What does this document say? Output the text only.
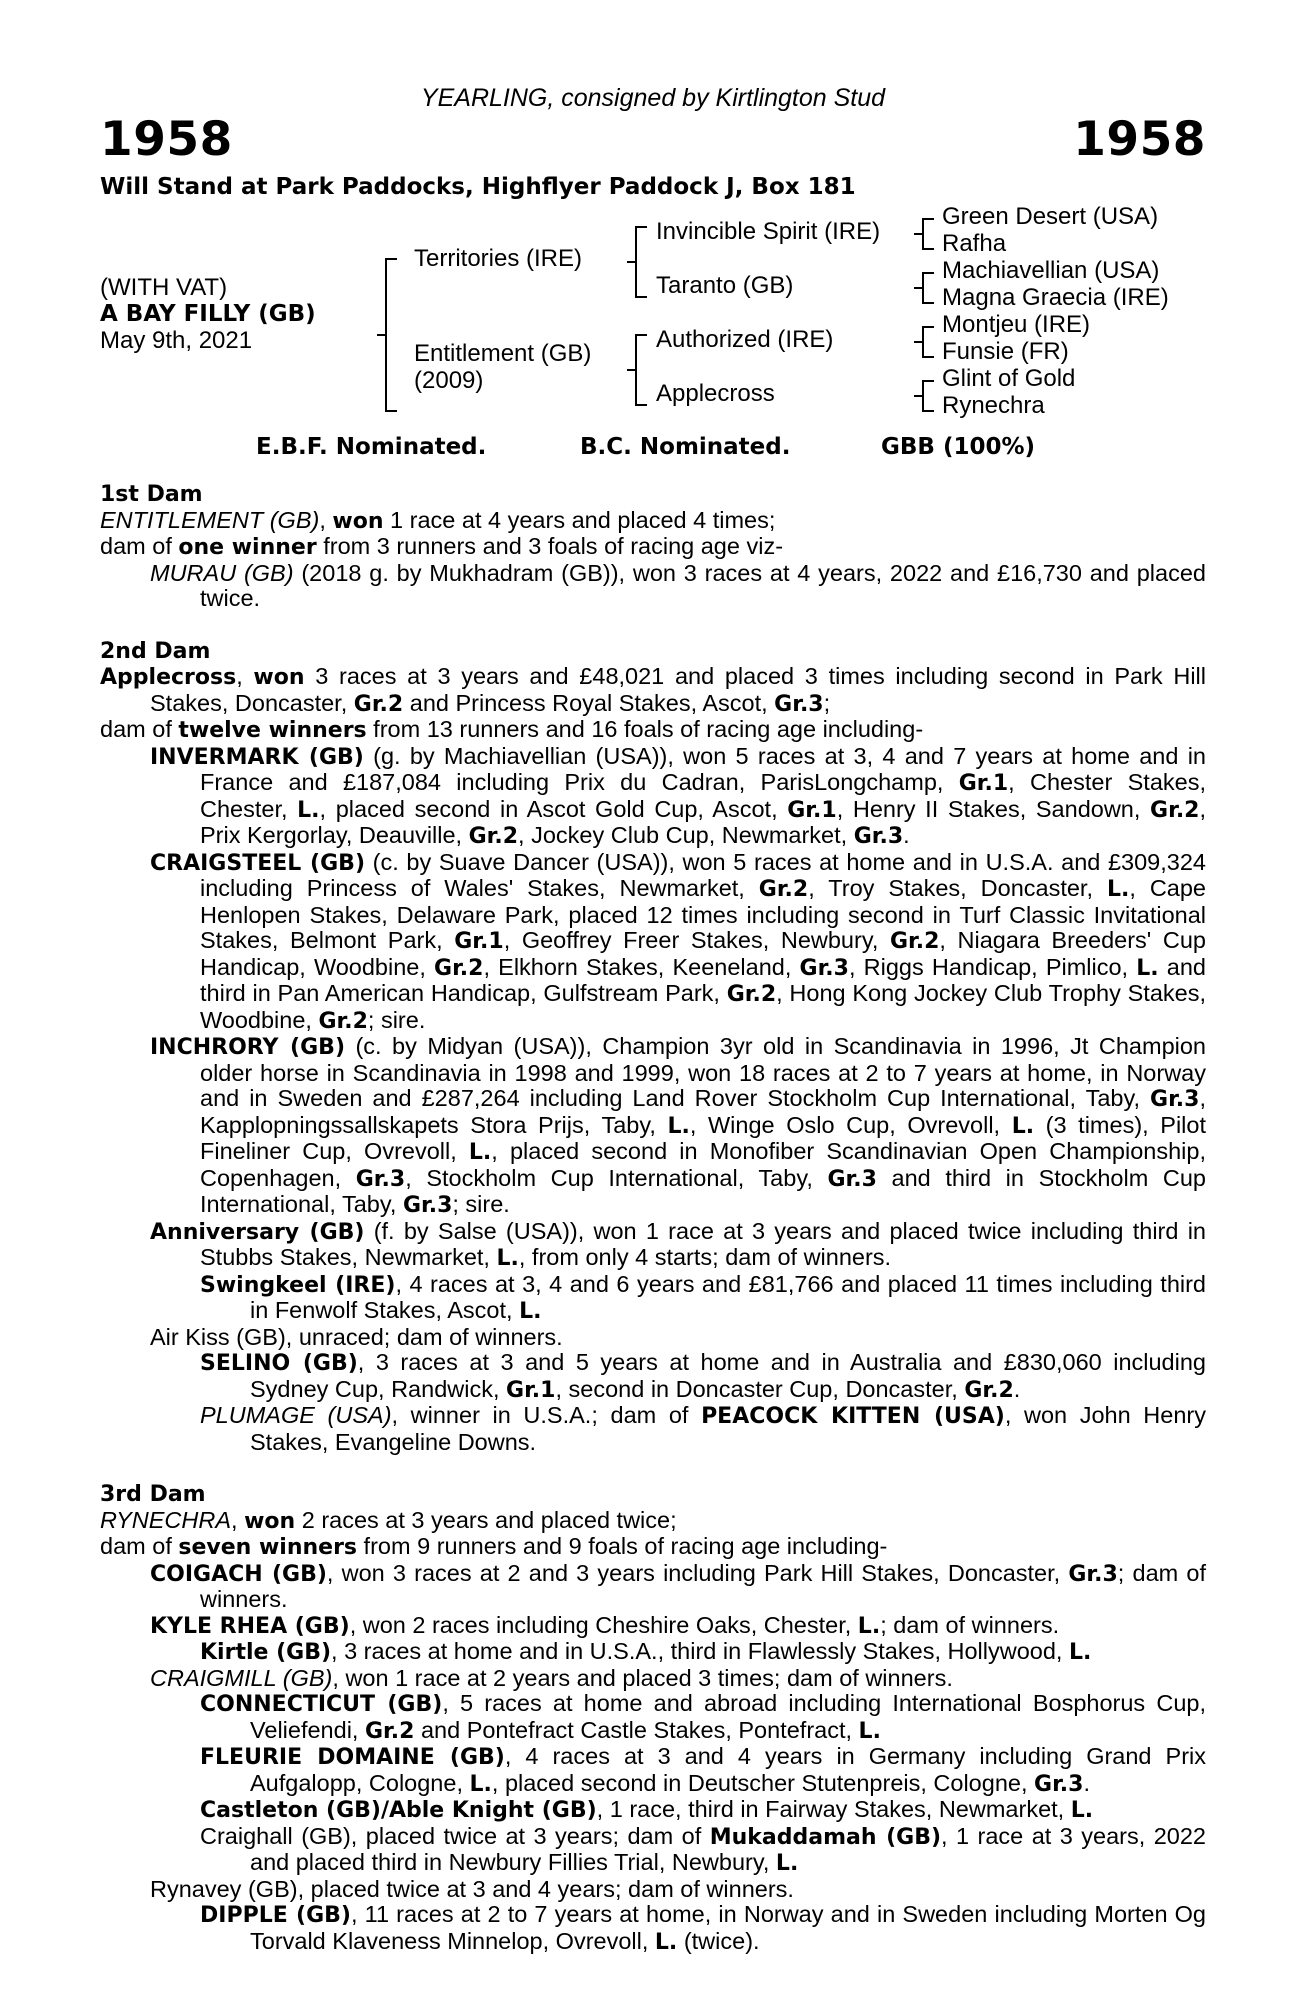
YEARLING, consigned by Kirtlington Stud
1958	1958
Will Stand at Park Paddocks, Highflyer Paddock J, Box 181
(WITH VAT)
A BAY FILLY (GB)
May 9th, 2021
Territories (IRE)
Entitlement (GB)
(2009)
Invincible Spirit (IRE)
Taranto (GB)
Authorized (IRE)
Applecross
Green Desert (USA)
Rafha
Machiavellian (USA)
Magna Graecia (IRE)
Montjeu (IRE)
Funsie (FR)
Glint of Gold
Rynechra
E.B.F. Nominated.	B.C. Nominated.	GBB (100%)
1st Dam
ENTITLEMENT (GB), won 1 race at 4 years and placed 4 times;
dam of one winner from 3 runners and 3 foals of racing age viz-
MURAU (GB) (2018 g. by Mukhadram (GB)), won 3 races at 4 years, 2022 and £16,730 and placed twice.
2nd Dam
Applecross, won 3 races at 3 years and £48,021 and placed 3 times including second in Park Hill Stakes, Doncaster, Gr.2 and Princess Royal Stakes, Ascot, Gr.3;
dam of twelve winners from 13 runners and 16 foals of racing age including-
INVERMARK (GB) (g. by Machiavellian (USA)), won 5 races at 3, 4 and 7 years at home and in France and £187,084 including Prix du Cadran, ParisLongchamp, Gr.1, Chester Stakes, Chester, L., placed second in Ascot Gold Cup, Ascot, Gr.1, Henry II Stakes, Sandown, Gr.2, Prix Kergorlay, Deauville, Gr.2, Jockey Club Cup, Newmarket, Gr.3.
CRAIGSTEEL (GB) (c. by Suave Dancer (USA)), won 5 races at home and in U.S.A. and £309,324 including Princess of Wales' Stakes, Newmarket, Gr.2, Troy Stakes, Doncaster, L., Cape Henlopen Stakes, Delaware Park, placed 12 times including second in Turf Classic Invitational Stakes, Belmont Park, Gr.1, Geoffrey Freer Stakes, Newbury, Gr.2, Niagara Breeders' Cup Handicap, Woodbine, Gr.2, Elkhorn Stakes, Keeneland, Gr.3, Riggs Handicap, Pimlico, L. and third in Pan American Handicap, Gulfstream Park, Gr.2, Hong Kong Jockey Club Trophy Stakes, Woodbine, Gr.2; sire.
INCHRORY (GB) (c. by Midyan (USA)), Champion 3yr old in Scandinavia in 1996, Jt Champion older horse in Scandinavia in 1998 and 1999, won 18 races at 2 to 7 years at home, in Norway and in Sweden and £287,264 including Land Rover Stockholm Cup International, Taby, Gr.3, Kapplopningssallskapets Stora Prijs, Taby, L., Winge Oslo Cup, Ovrevoll, L. (3 times), Pilot Fineliner Cup, Ovrevoll, L., placed second in Monofiber Scandinavian Open Championship, Copenhagen, Gr.3, Stockholm Cup International, Taby, Gr.3 and third in Stockholm Cup International, Taby, Gr.3; sire.
Anniversary (GB) (f. by Salse (USA)), won 1 race at 3 years and placed twice including third in Stubbs Stakes, Newmarket, L., from only 4 starts; dam of winners.
Swingkeel (IRE), 4 races at 3, 4 and 6 years and £81,766 and placed 11 times including third in Fenwolf Stakes, Ascot, L.
Air Kiss (GB), unraced; dam of winners.
SELINO (GB), 3 races at 3 and 5 years at home and in Australia and £830,060 including Sydney Cup, Randwick, Gr.1, second in Doncaster Cup, Doncaster, Gr.2.
PLUMAGE (USA), winner in U.S.A.; dam of PEACOCK KITTEN (USA), won John Henry Stakes, Evangeline Downs.
3rd Dam
RYNECHRA, won 2 races at 3 years and placed twice;
dam of seven winners from 9 runners and 9 foals of racing age including-
COIGACH (GB), won 3 races at 2 and 3 years including Park Hill Stakes, Doncaster, Gr.3; dam of winners.
KYLE RHEA (GB), won 2 races including Cheshire Oaks, Chester, L.; dam of winners.
Kirtle (GB), 3 races at home and in U.S.A., third in Flawlessly Stakes, Hollywood, L.
CRAIGMILL (GB), won 1 race at 2 years and placed 3 times; dam of winners.
CONNECTICUT (GB), 5 races at home and abroad including International Bosphorus Cup, Veliefendi, Gr.2 and Pontefract Castle Stakes, Pontefract, L.
FLEURIE DOMAINE (GB), 4 races at 3 and 4 years in Germany including Grand Prix Aufgalopp, Cologne, L., placed second in Deutscher Stutenpreis, Cologne, Gr.3.
Castleton (GB)/Able Knight (GB), 1 race, third in Fairway Stakes, Newmarket, L.
Craighall (GB), placed twice at 3 years; dam of Mukaddamah (GB), 1 race at 3 years, 2022 and placed third in Newbury Fillies Trial, Newbury, L.
Rynavey (GB), placed twice at 3 and 4 years; dam of winners.
DIPPLE (GB), 11 races at 2 to 7 years at home, in Norway and in Sweden including Morten Og Torvald Klaveness Minnelop, Ovrevoll, L. (twice).
